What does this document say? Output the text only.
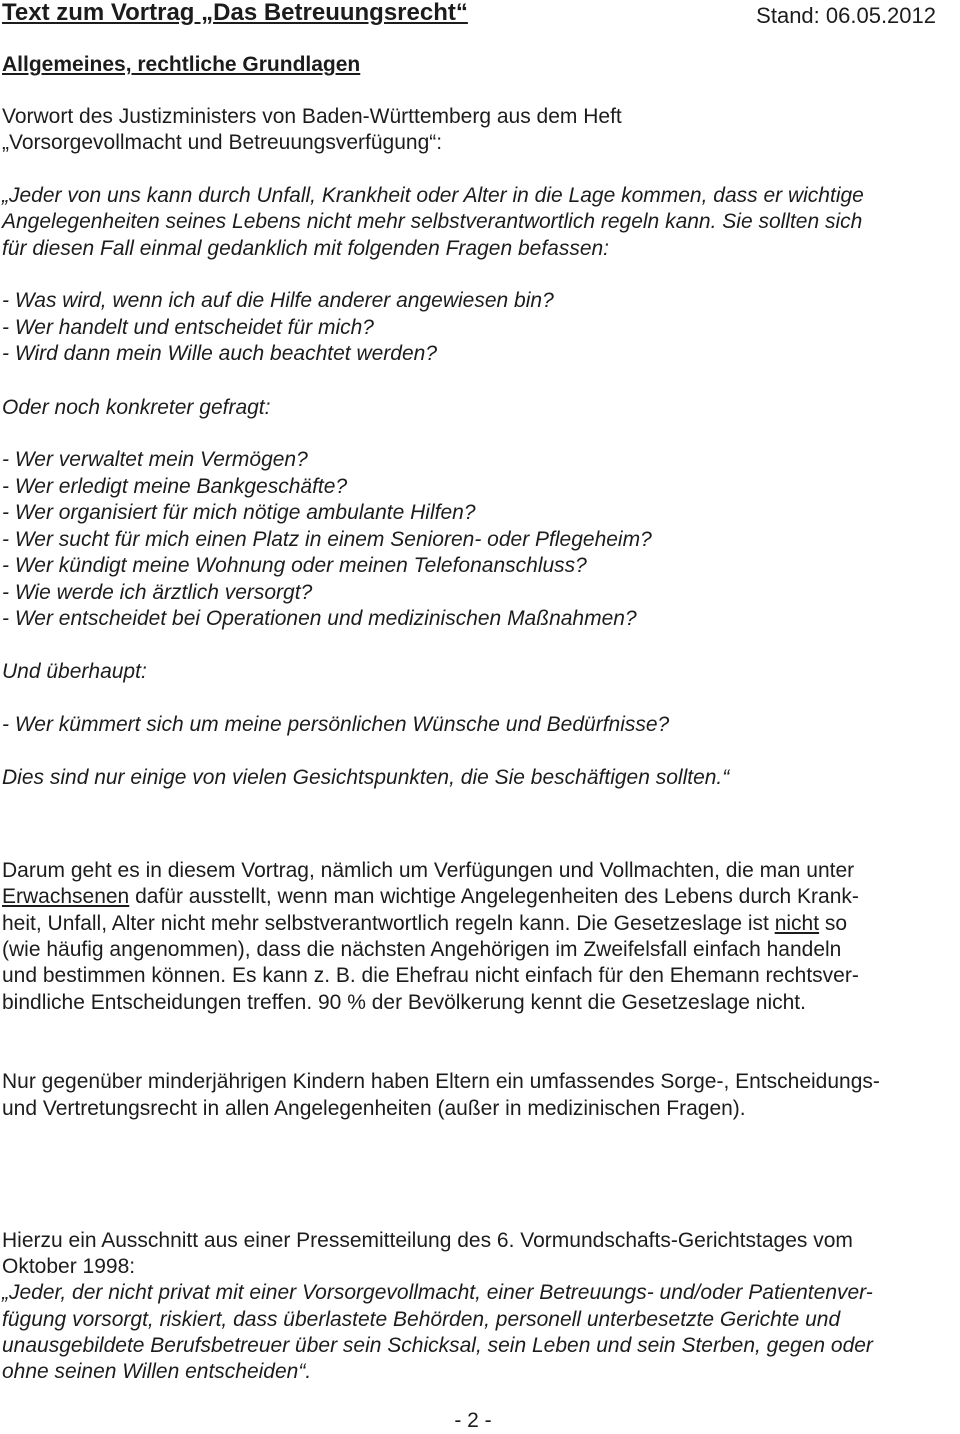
Text zum Vortrag „Das Betreuungsrecht“	Stand: 06.05.2012
Allgemeines, rechtliche Grundlagen
Vorwort des Justizministers von Baden-Württemberg aus dem Heft
„Vorsorgevollmacht und Betreuungsverfügung“:
„Jeder von uns kann durch Unfall, Krankheit oder Alter in die Lage kommen, dass er wichtige
Angelegenheiten seines Lebens nicht mehr selbstverantwortlich regeln kann. Sie sollten sich
für diesen Fall einmal gedanklich mit folgenden Fragen befassen:
- Was wird, wenn ich auf die Hilfe anderer angewiesen bin?
- Wer handelt und entscheidet für mich?
- Wird dann mein Wille auch beachtet werden?
Oder noch konkreter gefragt:
- Wer verwaltet mein Vermögen?
- Wer erledigt meine Bankgeschäfte?
- Wer organisiert für mich nötige ambulante Hilfen?
- Wer sucht für mich einen Platz in einem Senioren- oder Pflegeheim?
- Wer kündigt meine Wohnung oder meinen Telefonanschluss?
- Wie werde ich ärztlich versorgt?
- Wer entscheidet bei Operationen und medizinischen Maßnahmen?
Und überhaupt:
- Wer kümmert sich um meine persönlichen Wünsche und Bedürfnisse?
Dies sind nur einige von vielen Gesichtspunkten, die Sie beschäftigen sollten.“
Darum geht es in diesem Vortrag, nämlich um Verfügungen und Vollmachten, die man unter
Erwachsenen dafür ausstellt, wenn man wichtige Angelegenheiten des Lebens durch Krank-
heit, Unfall, Alter nicht mehr selbstverantwortlich regeln kann. Die Gesetzeslage ist nicht so
(wie häufig angenommen), dass die nächsten Angehörigen im Zweifelsfall einfach handeln
und bestimmen können. Es kann z. B. die Ehefrau nicht einfach für den Ehemann rechtsver-
bindliche Entscheidungen treffen. 90 % der Bevölkerung kennt die Gesetzeslage nicht.
Nur gegenüber minderjährigen Kindern haben Eltern ein umfassendes Sorge-, Entscheidungs-
und Vertretungsrecht in allen Angelegenheiten (außer in medizinischen Fragen).
Hierzu ein Ausschnitt aus einer Pressemitteilung des 6. Vormundschafts-Gerichtstages vom
Oktober 1998:
„Jeder, der nicht privat mit einer Vorsorgevollmacht, einer Betreuungs- und/oder Patientenver-
fügung vorsorgt, riskiert, dass überlastete Behörden, personell unterbesetzte Gerichte und
unausgebildete Berufsbetreuer über sein Schicksal, sein Leben und sein Sterben, gegen oder
ohne seinen Willen entscheiden“.
- 2 -
